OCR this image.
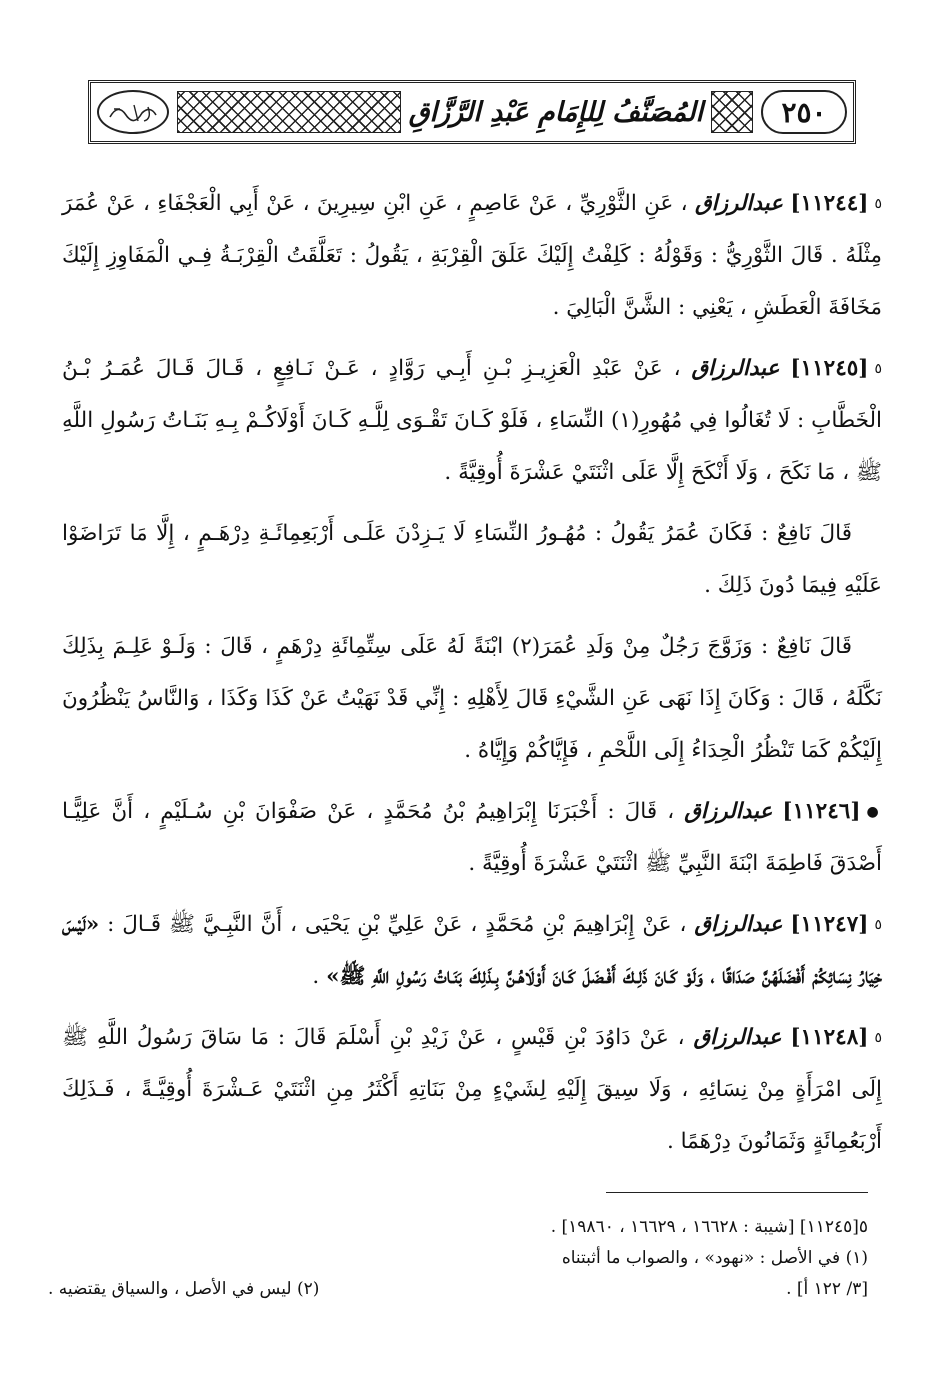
٢٥٠
المُصَنَّفُ لِلإِمَامِ عَبْدِ الرَّزَّاقِ

٥[١١٢٤٤] عبدالرزاق ، عَنِ الثَّوْرِيِّ ، عَنْ عَاصِمٍ ، عَنِ ابْنِ سِيرِينَ ، عَنْ أَبِي الْعَجْفَاءِ ، عَنْ عُمَرَ مِثْلَهُ . قَالَ الثَّوْرِيُّ : وَقَوْلُهُ : كَلِفْتُ إِلَيْكَ عَلَقَ الْقِرْبَةِ ، يَقُولُ : تَعَلَّقَتُ الْقِرْبَـةُ فِـي الْمَفَاوِزِ إِلَيْكَ مَخَافَةَ الْعَطَشِ ، يَعْنِي : الشَّنَّ الْبَالِيَ .

٥[١١٢٤٥] عبدالرزاق ، عَنْ عَبْدِ الْعَزِيـزِ بْـنِ أَبِـي رَوَّادٍ ، عَـنْ نَـافِعٍ ، قَـالَ قَـالَ عُمَـرُ بْـنُ الْخَطَّابِ : لَا تُغَالُوا فِي مُهُورِ(١) النِّسَاءِ ، فَلَوْ كَـانَ تَقْـوَى لِلَّـهِ كَـانَ أَوْلَاكُـمْ بِـهِ بَنَـاتُ رَسُولِ اللَّهِ ﷺ ، مَا نَكَحَ ، وَلَا أَنْكَحَ إِلَّا عَلَى اثْنَتَيْ عَشْرَةَ أُوقِيَّةً .

قَالَ نَافِعٌ : فَكَانَ عُمَرُ يَقُولُ : مُهُـورُ النِّسَاءِ لَا يَـزِدْنَ عَلَـى أَرْبَعِمِائَـةِ دِرْهَـمٍ ، إِلَّا مَا تَرَاضَوْا عَلَيْهِ فِيمَا دُونَ ذَلِكَ .

قَالَ نَافِعٌ : وَزَوَّجَ رَجُلٌ مِنْ وَلَدِ عُمَرَ(٢) ابْنَةً لَهُ عَلَى سِتِّمِائَةِ دِرْهَمٍ ، قَالَ : وَلَـوْ عَلِـمَ بِذَلِكَ نَكَّلَهُ ، قَالَ : وَكَانَ إِذَا نَهَى عَنِ الشَّيْءِ قَالَ لِأَهْلِهِ : إِنِّي قَدْ نَهَيْتُ عَنْ كَذَا وَكَذَا ، وَالنَّاسُ يَنْظُرُونَ إِلَيْكُمْ كَمَا تَنْظُرُ الْحِدَاءُ إِلَى اللَّحْمِ ، فَإِيَّاكُمْ وَإِيَّاهُ .

●[١١٢٤٦] عبدالرزاق ، قَالَ : أَخْبَرَنَا إِبْرَاهِيمُ بْنُ مُحَمَّدٍ ، عَنْ صَفْوَانَ بْنِ سُـلَيْمٍ ، أَنَّ عَلِيًّـا أَصْدَقَ فَاطِمَةَ ابْنَةَ النَّبِيِّ ﷺ اثْنَتَيْ عَشْرَةَ أُوقِيَّةً .

٥[١١٢٤٧] عبدالرزاق ، عَنْ إِبْرَاهِيمَ بْنِ مُحَمَّدٍ ، عَنْ عَلِيِّ بْنِ يَحْيَى ، أَنَّ النَّبِـيَّ ﷺ قَـالَ : «لَيْسَ خِيَارُ نِسَائِكُمْ أَفْضَلَهُنَّ صَدَاقًا ، وَلَوْ كَـانَ ذَلِـكَ أَفْـضَلَ كَـانَ أَوْلَاهُـنَّ بِـذَلِكَ بَنَـاتُ رَسُولِ اللَّهِ ﷺ» .

٥[١١٢٤٨] عبدالرزاق ، عَنْ دَاوُدَ بْنِ قَيْسٍ ، عَنْ زَيْدِ بْنِ أَسْلَمَ قَالَ : مَا سَاقَ رَسُولُ اللَّهِ ﷺ إِلَى امْرَأَةٍ مِنْ نِسَائِهِ ، وَلَا سِيقَ إِلَيْهِ لِشَيْءٍ مِنْ بَنَاتِهِ أَكْثَرُ مِنِ اثْنَتَيْ عَـشْرَةَ أُوقِيَّـةً ، فَـذَلِكَ أَرْبَعُمِائَةٍ وَثَمَانُونَ دِرْهَمًا .

٥[١١٢٤٥] [شيبة : ١٦٦٢٨ ، ١٦٦٢٩ ، ١٩٨٦٠] .
(١) في الأصل : «نهود» ، والصواب ما أثبتناه
[٣/ ١٢٢ أ] .
(٢) ليس في الأصل ، والسياق يقتضيه .
